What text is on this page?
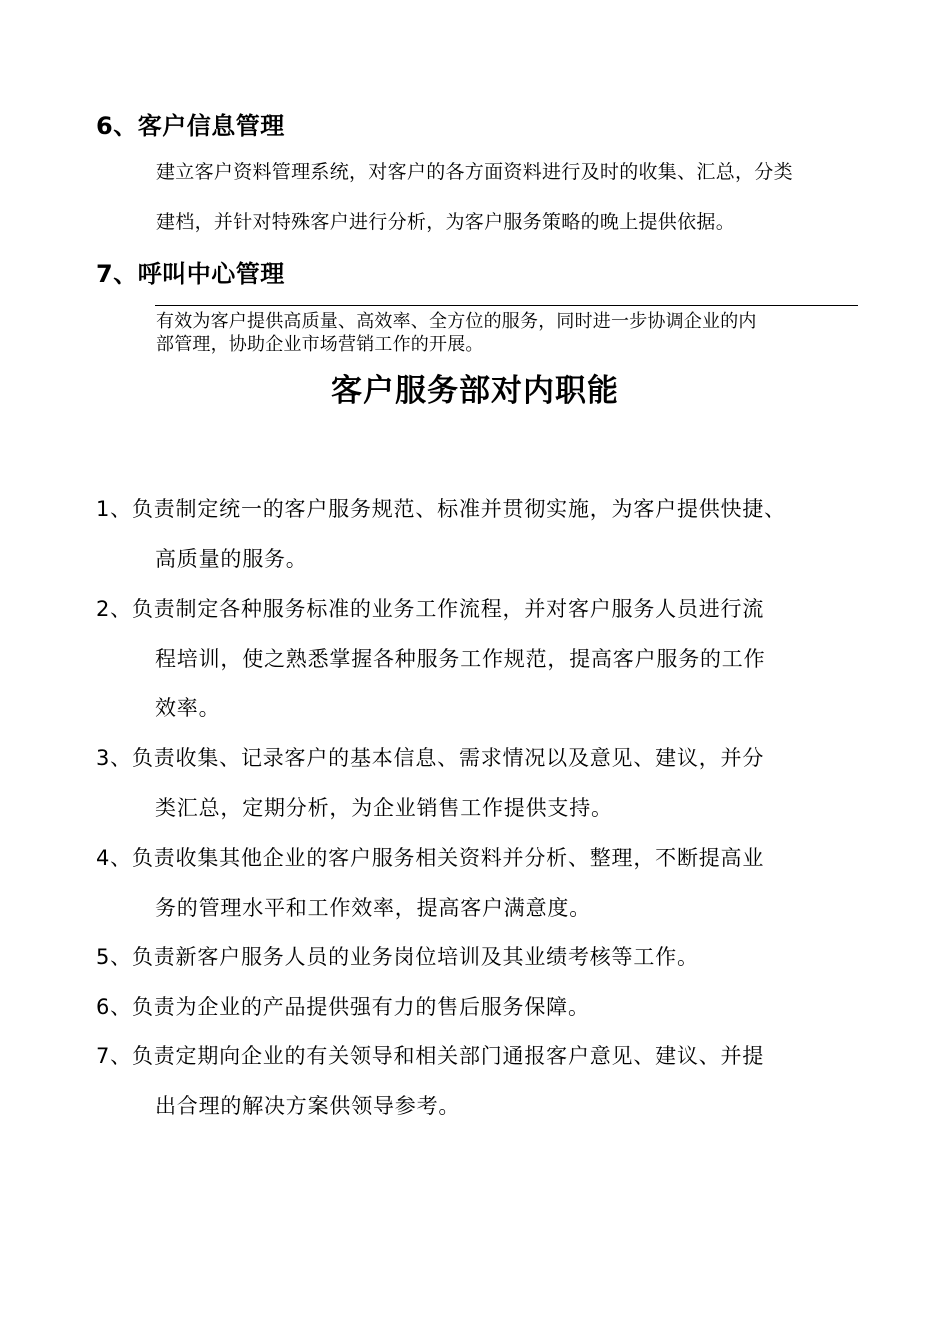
6、客户信息管理
建立客户资料管理系统，对客户的各方面资料进行及时的收集、汇总，分类
建档，并针对特殊客户进行分析，为客户服务策略的晚上提供依据。
7、呼叫中心管理
有效为客户提供高质量、高效率、全方位的服务，同时进一步协调企业的内
部管理，协助企业市场营销工作的开展。
客户服务部对内职能
1、负责制定统一的客户服务规范、标准并贯彻实施，为客户提供快捷、
高质量的服务。
2、负责制定各种服务标准的业务工作流程，并对客户服务人员进行流
程培训，使之熟悉掌握各种服务工作规范，提高客户服务的工作
效率。
3、负责收集、记录客户的基本信息、需求情况以及意见、建议，并分
类汇总，定期分析，为企业销售工作提供支持。
4、负责收集其他企业的客户服务相关资料并分析、整理，不断提高业
务的管理水平和工作效率，提高客户满意度。
5、负责新客户服务人员的业务岗位培训及其业绩考核等工作。
6、负责为企业的产品提供强有力的售后服务保障。
7、负责定期向企业的有关领导和相关部门通报客户意见、建议、并提
出合理的解决方案供领导参考。
